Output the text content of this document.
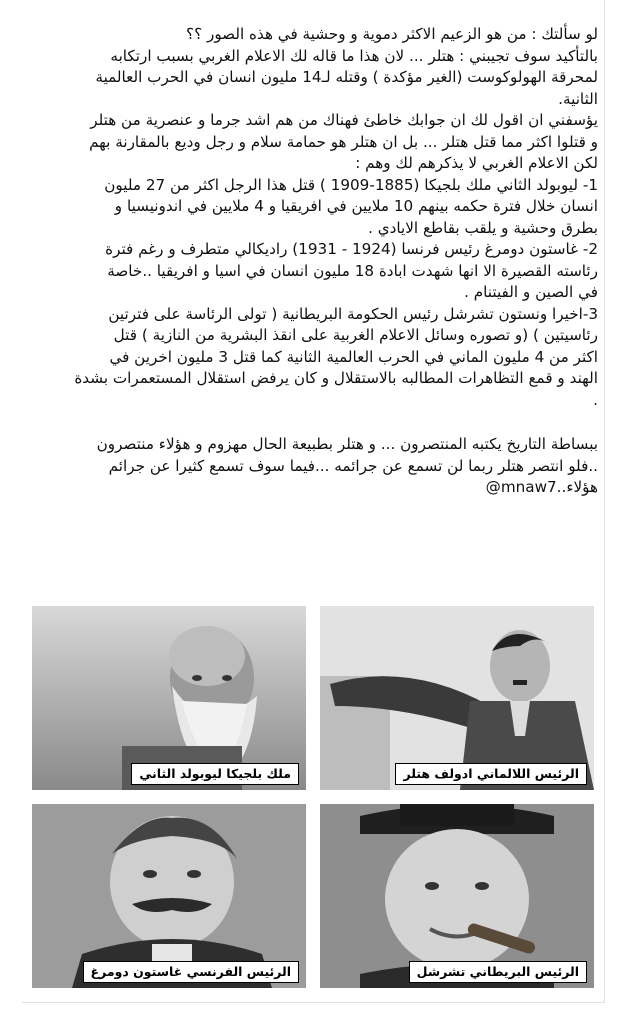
لو سألتك : من هو الزعيم الاكثر دموية و وحشية في هذه الصور ؟؟

بالتأكيد سوف تجيبني : هتلر ... لان هذا ما قاله لك الاعلام الغربي بسبب ارتكابه

لمحرقة الهولوكوست (الغير مؤكدة ) وقتله لـ14 مليون انسان في الحرب العالمية

الثانية.

يؤسفني ان اقول لك ان جوابك خاطئ فهناك من هم اشد جرما و عنصرية من هتلر

و قتلوا اكثر مما قتل هتلر ... بل ان هتلر هو حمامة سلام و رجل وديع بالمقارنة بهم

لكن الاعلام الغربي لا يذكرهم لك وهم :

1- ليوبولد الثاني ملك بلجيكا (1885-1909 ) قتل هذا الرجل اكثر من 27 مليون

انسان خلال فترة حكمه بينهم 10 ملايين في افريقيا و 4 ملايين في اندونيسيا و

بطرق وحشية و يلقب بقاطع الايادي .

2- غاستون دومرغ رئيس فرنسا (1924 - 1931) راديكالي متطرف و رغم فترة

رئاسته القصيرة الا انها شهدت ابادة 18 مليون انسان في اسيا و افريقيا ..خاصة

في الصين و الفيتنام .

3-اخيرا ونستون تشرشل رئيس الحكومة البريطانية ( تولى الرئاسة على فترتين

رئاسيتين ) (و تصوره وسائل الاعلام الغربية على انقذ البشرية من النازية ) قتل

اكثر من 4 مليون الماني في الحرب العالمية الثانية كما قتل 3 مليون اخرين في

الهند و قمع التظاهرات المطالبه بالاستقلال و كان يرفض استقلال المستعمرات بشدة

.

ببساطة التاريخ يكتبه المنتصرون ... و هتلر بطبيعة الحال مهزوم و هؤلاء منتصرون

..فلو انتصر هتلر ربما لن تسمع عن جرائمه ...فيما سوف تسمع كثيرا عن جرائم

هؤلاء..@mnaw7

ملك بلجيكا ليوبولد الثاني	الرئيس اللالماني ادولف هتلر
الرئيس الفرنسي غاستون دومرغ	الرئيس البريطاني تشرشل
